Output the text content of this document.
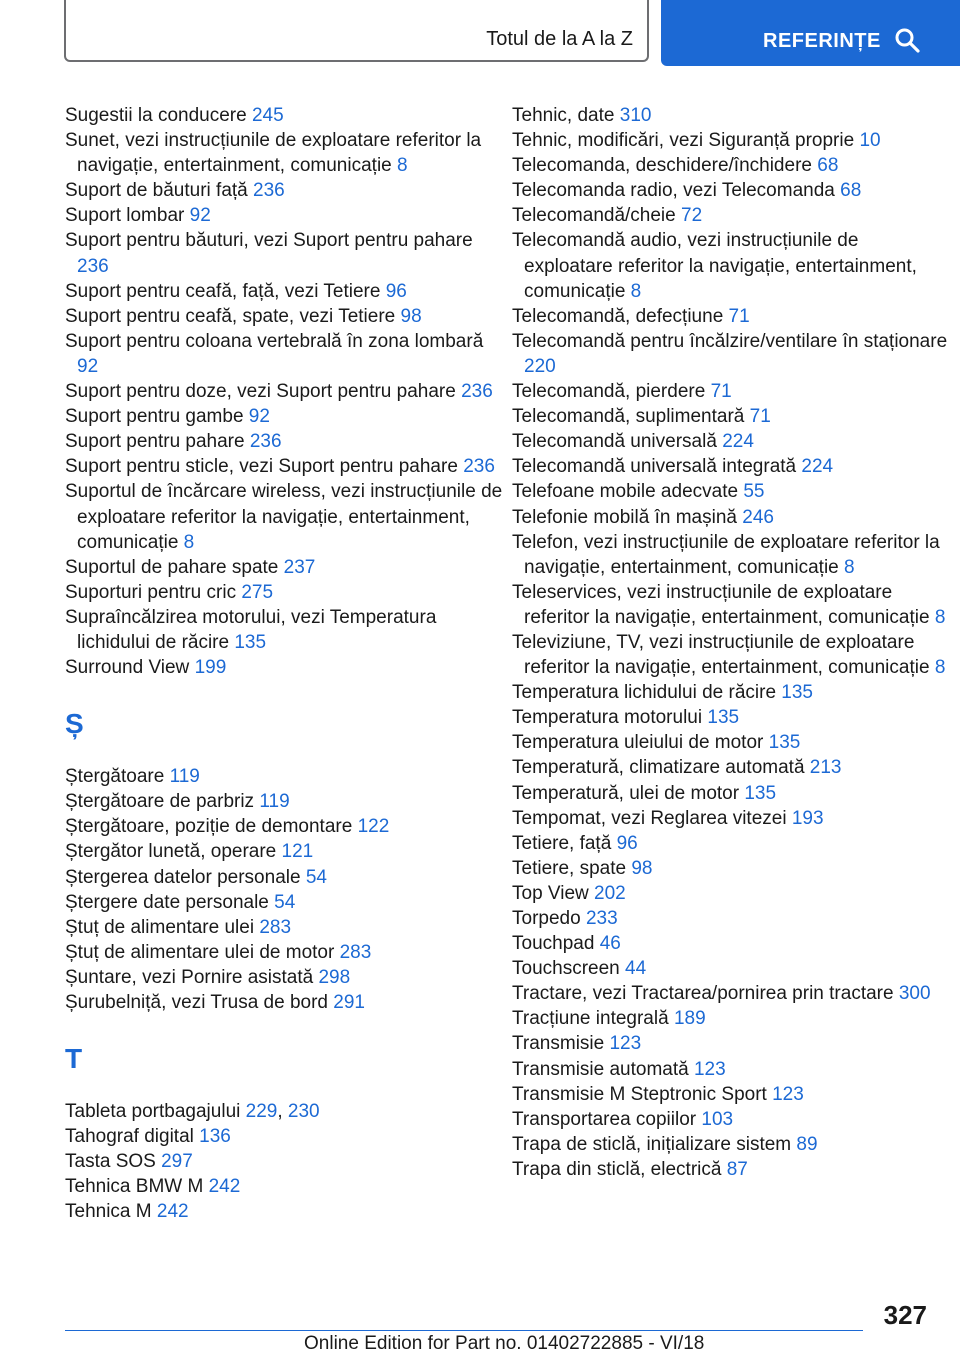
Totul de la A la Z	REFERINȚE
Sugestii la conducere 245
Sunet, vezi instrucțiunile de exploatare referitor la navigație, entertainment, comunicație 8
Suport de băuturi față 236
Suport lombar 92
Suport pentru băuturi, vezi Suport pentru pahare 236
Suport pentru ceafă, față, vezi Tetiere 96
Suport pentru ceafă, spate, vezi Tetiere 98
Suport pentru coloana vertebrală în zona lombară 92
Suport pentru doze, vezi Suport pentru pahare 236
Suport pentru gambe 92
Suport pentru pahare 236
Suport pentru sticle, vezi Suport pentru pahare 236
Suportul de încărcare wireless, vezi instrucțiunile de exploatare referitor la navigație, entertainment, comunicație 8
Suportul de pahare spate 237
Suporturi pentru cric 275
Supraîncălzirea motorului, vezi Temperatura lichidului de răcire 135
Surround View 199
Ș
Ștergătoare 119
Ștergătoare de parbriz 119
Ștergătoare, poziție de demontare 122
Ștergător lunetă, operare 121
Ștergerea datelor personale 54
Ștergere date personale 54
Ștuț de alimentare ulei 283
Ștuț de alimentare ulei de motor 283
Șuntare, vezi Pornire asistată 298
Șurubelniță, vezi Trusa de bord 291
T
Tableta portbagajului 229, 230
Tahograf digital 136
Tasta SOS 297
Tehnica BMW M 242
Tehnica M 242
Tehnic, date 310
Tehnic, modificări, vezi Siguranță proprie 10
Telecomanda, deschidere/închidere 68
Telecomanda radio, vezi Telecomanda 68
Telecomandă/cheie 72
Telecomandă audio, vezi instrucțiunile de exploatare referitor la navigație, entertainment, comunicație 8
Telecomandă, defecțiune 71
Telecomandă pentru încălzire/ventilare în staționare 220
Telecomandă, pierdere 71
Telecomandă, suplimentară 71
Telecomandă universală 224
Telecomandă universală integrată 224
Telefoane mobile adecvate 55
Telefonie mobilă în mașină 246
Telefon, vezi instrucțiunile de exploatare referitor la navigație, entertainment, comunicație 8
Teleservices, vezi instrucțiunile de exploatare referitor la navigație, entertainment, comunicație 8
Televiziune, TV, vezi instrucțiunile de exploatare referitor la navigație, entertainment, comunicație 8
Temperatura lichidului de răcire 135
Temperatura motorului 135
Temperatura uleiului de motor 135
Temperatură, climatizare automată 213
Temperatură, ulei de motor 135
Tempomat, vezi Reglarea vitezei 193
Tetiere, față 96
Tetiere, spate 98
Top View 202
Torpedo 233
Touchpad 46
Touchscreen 44
Tractare, vezi Tractarea/pornirea prin tractare 300
Tracțiune integrală 189
Transmisie 123
Transmisie automată 123
Transmisie M Steptronic Sport 123
Transportarea copiilor 103
Trapa de sticlă, inițializare sistem 89
Trapa din sticlă, electrică 87
327
Online Edition for Part no. 01402722885 - VI/18
